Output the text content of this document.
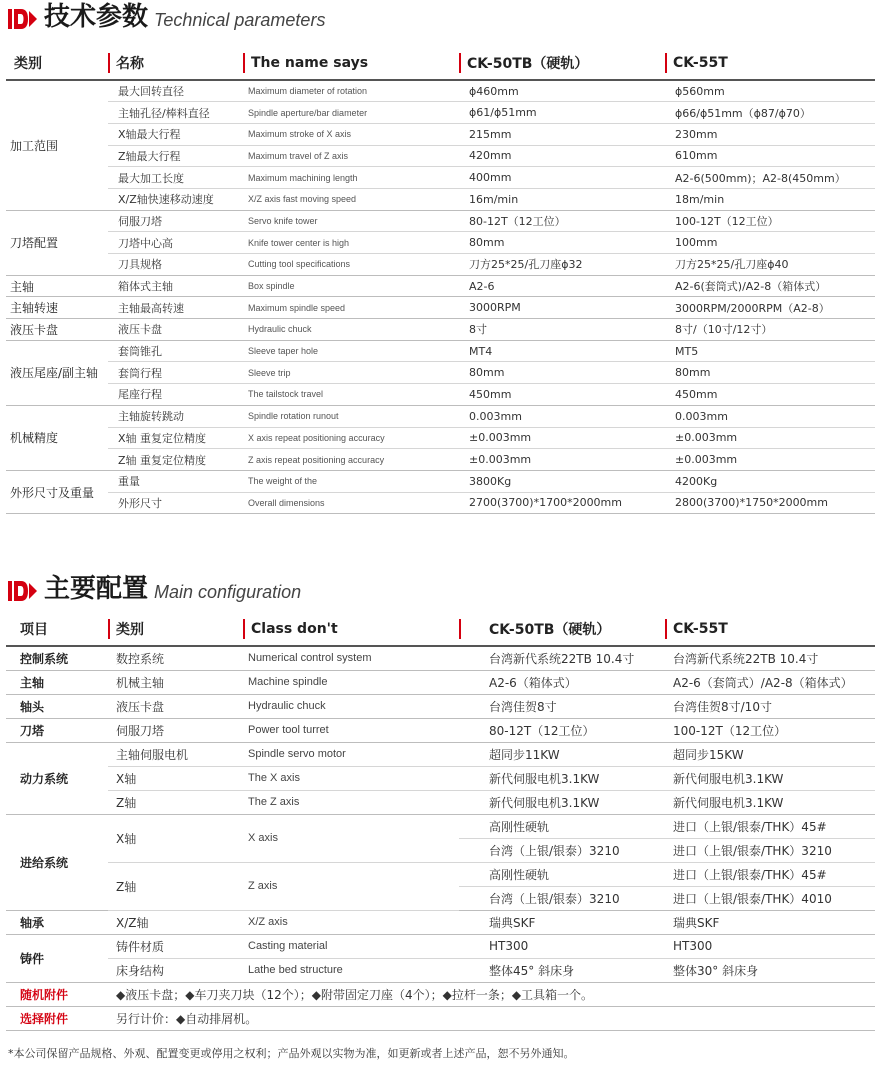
技术参数 Technical parameters
类别	名称	The name says	CK-50TB（硬轨）	CK-55T
加工范围	最大回转直径	Maximum diameter of rotation	ϕ460mm	ϕ560mm
	主轴孔径/棒料直径	Spindle aperture/bar diameter	ϕ61/ϕ51mm	ϕ66/ϕ51mm（ϕ87/ϕ70）
	X轴最大行程	Maximum stroke of X axis	215mm	230mm
	Z轴最大行程	Maximum travel of Z axis	420mm	610mm
	最大加工长度	Maximum machining length	400mm	A2-6(500mm)；A2-8(450mm）
	X/Z轴快速移动速度	X/Z axis fast moving speed	16m/min	18m/min
刀塔配置	伺服刀塔	Servo knife tower	80-12T（12工位）	100-12T（12工位）
	刀塔中心高	Knife tower center is high	80mm	100mm
	刀具规格	Cutting tool specifications	刀方25*25/孔刀座ϕ32	刀方25*25/孔刀座ϕ40
主轴	箱体式主轴	Box spindle	A2-6	A2-6(套筒式)/A2-8（箱体式）
主轴转速	主轴最高转速	Maximum spindle speed	3000RPM	3000RPM/2000RPM（A2-8）
液压卡盘	液压卡盘	Hydraulic chuck	8寸	8寸/（10寸/12寸）
液压尾座/副主轴	套筒锥孔	Sleeve taper hole	MT4	MT5
	套筒行程	Sleeve trip	80mm	80mm
	尾座行程	The tailstock travel	450mm	450mm
机械精度	主轴旋转跳动	Spindle rotation runout	0.003mm	0.003mm
	X轴 重复定位精度	X axis repeat positioning accuracy	±0.003mm	±0.003mm
	Z轴 重复定位精度	Z axis repeat positioning accuracy	±0.003mm	±0.003mm
外形尺寸及重量	重量	The weight of the	3800Kg	4200Kg
	外形尺寸	Overall dimensions	2700(3700)*1700*2000mm	2800(3700)*1750*2000mm
主要配置 Main configuration
项目	类别	Class don't	CK-50TB（硬轨）	CK-55T
控制系统	数控系统	Numerical control system	台湾新代系统22TB 10.4寸	台湾新代系统22TB 10.4寸
主轴	机械主轴	Machine spindle	A2-6（箱体式）	A2-6（套筒式）/A2-8（箱体式）
轴头	液压卡盘	Hydraulic chuck	台湾佳贺8寸	台湾佳贺8寸/10寸
刀塔	伺服刀塔	Power tool turret	80-12T（12工位）	100-12T（12工位）
动力系统	主轴伺服电机	Spindle servo motor	超同步11KW	超同步15KW
	X轴	The X axis	新代伺服电机3.1KW	新代伺服电机3.1KW
	Z轴	The Z axis	新代伺服电机3.1KW	新代伺服电机3.1KW
进给系统	X轴	X axis	高刚性硬轨	进口（上银/银泰/THK）45#
			台湾（上银/银泰）3210	进口（上银/银泰/THK）3210
	Z轴	Z axis	高刚性硬轨	进口（上银/银泰/THK）45#
			台湾（上银/银泰）3210	进口（上银/银泰/THK）4010
轴承	X/Z轴	X/Z axis	瑞典SKF	瑞典SKF
铸件	铸件材质	Casting material	HT300	HT300
	床身结构	Lathe bed structure	整体45° 斜床身	整体30° 斜床身
随机附件	◆液压卡盘；◆车刀夹刀块（12个）；◆附带固定刀座（4个）；◆拉杆一条；◆工具箱一个。			
选择附件	另行计价：◆自动排屑机。			
*本公司保留产品规格、外观、配置变更或停用之权利；产品外观以实物为准，如更新或者上述产品，恕不另外通知。
